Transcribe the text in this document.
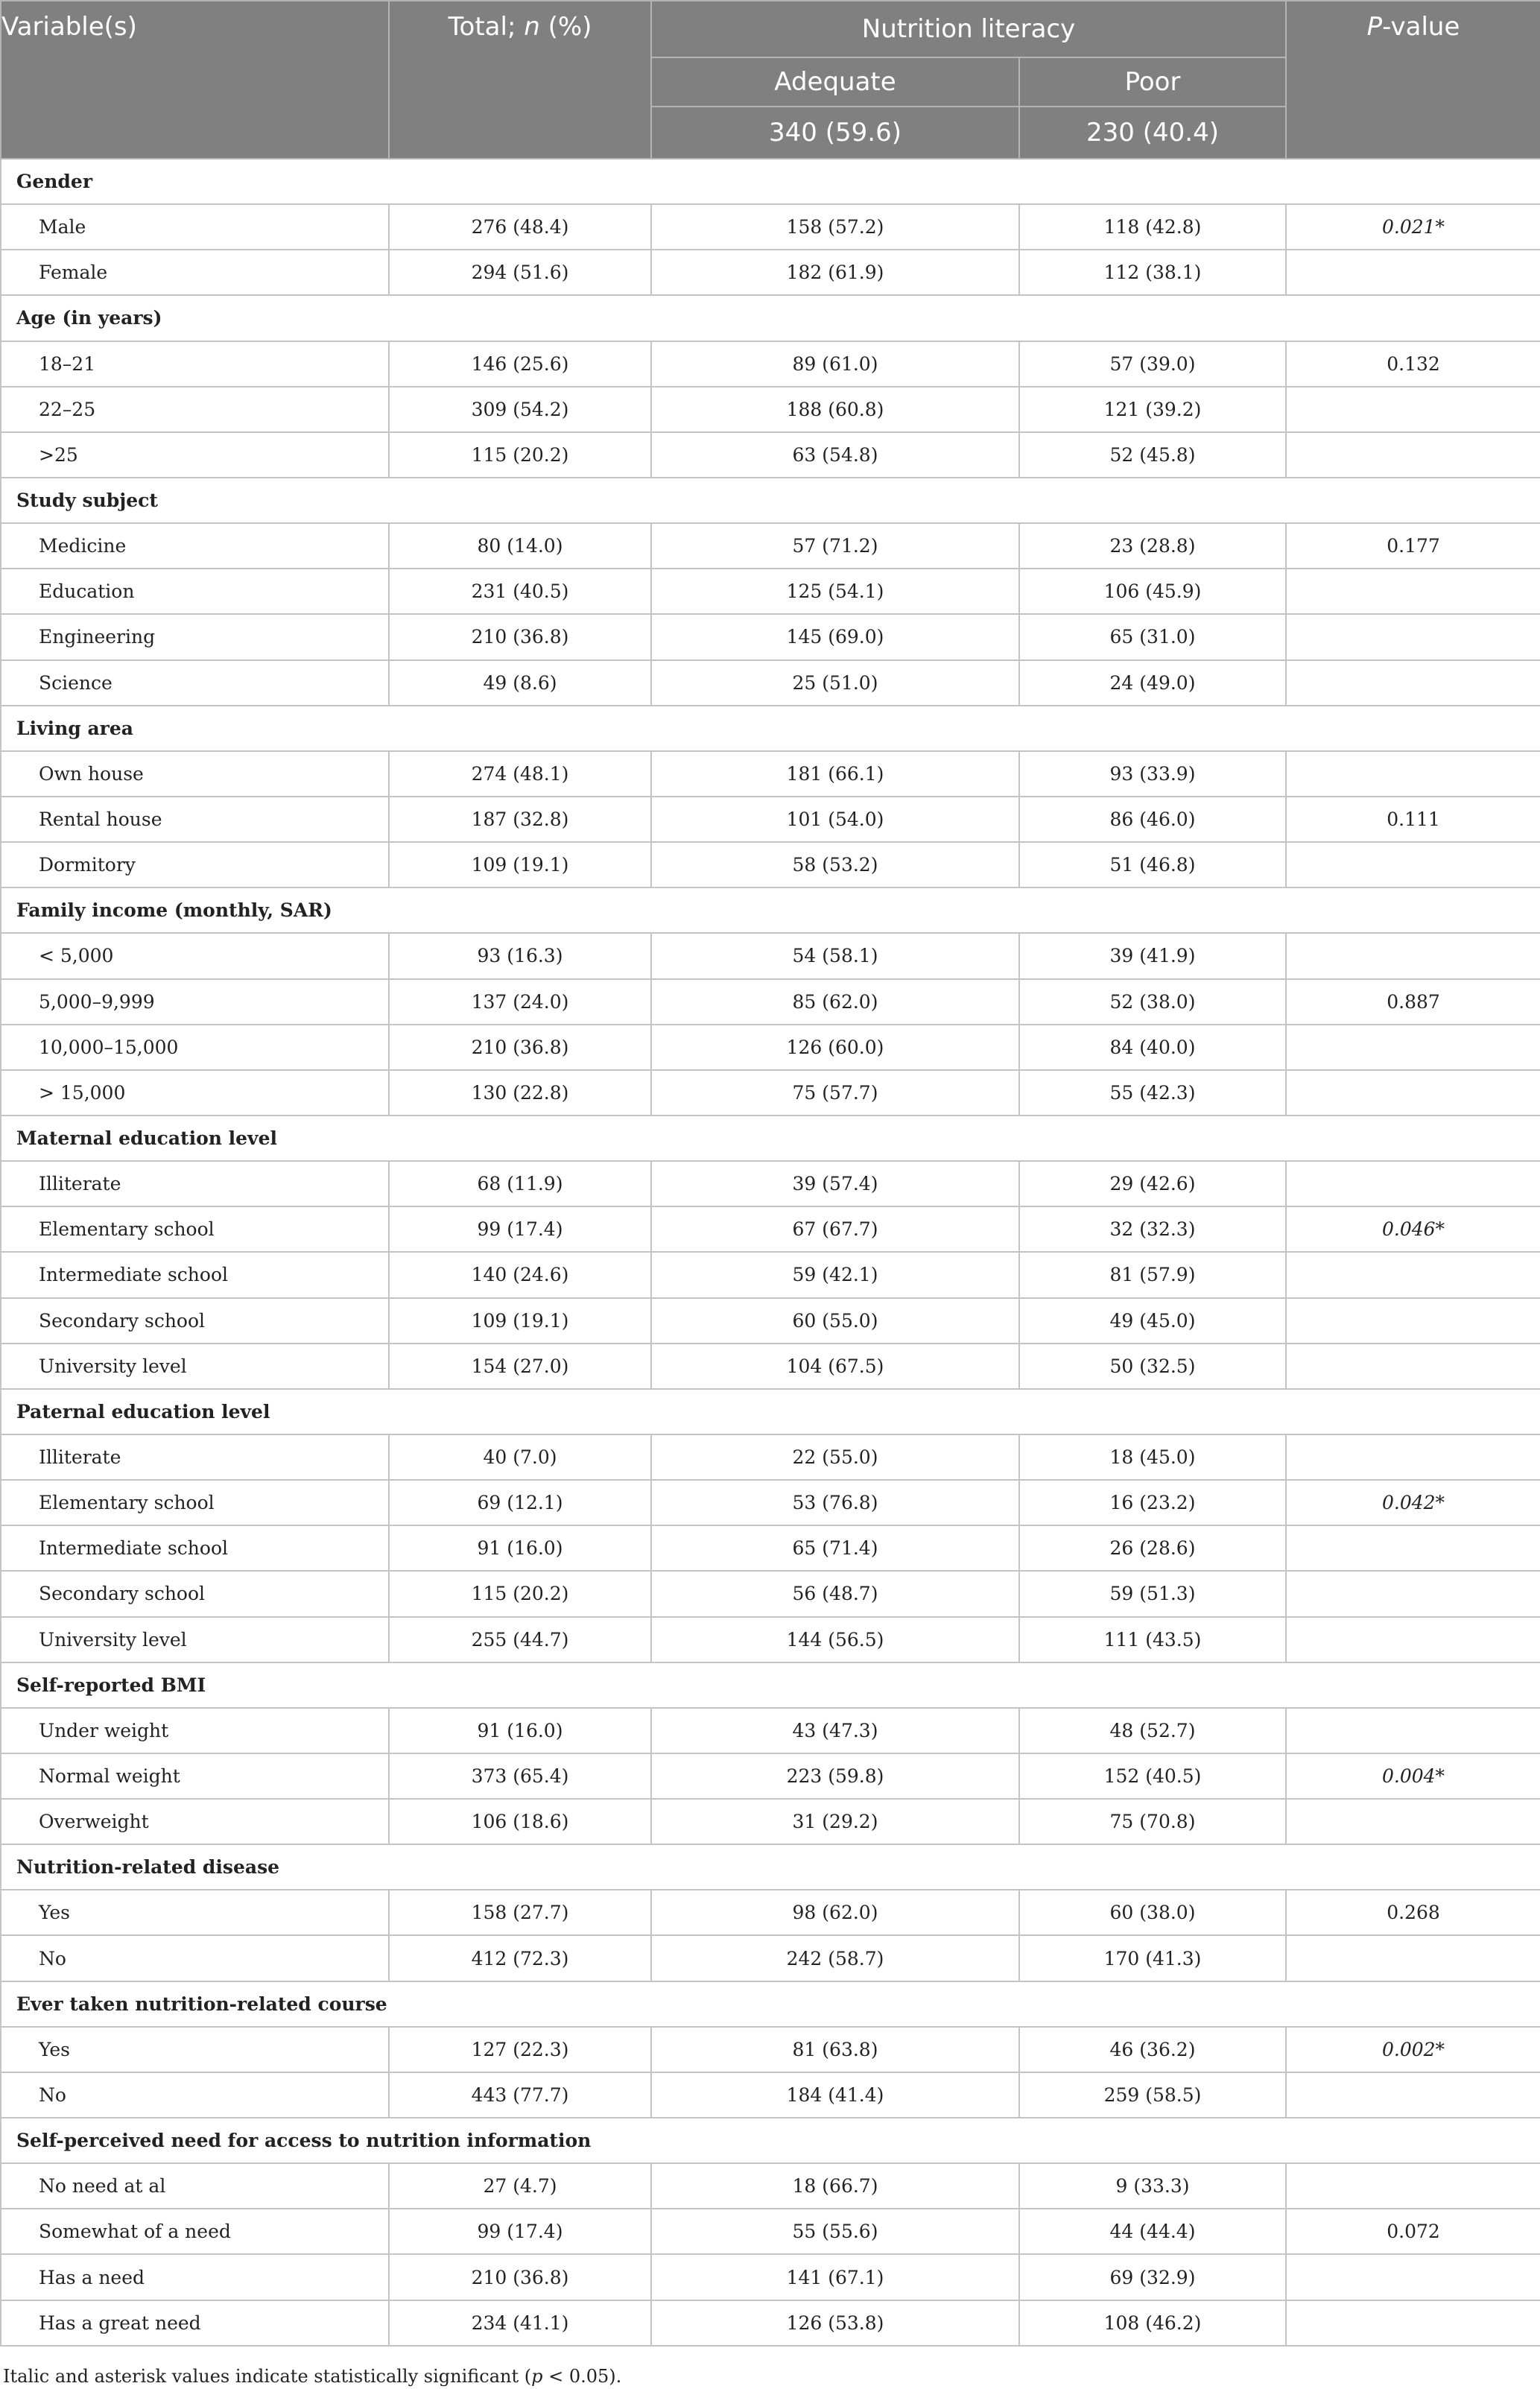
Variable(s)	Total; n (%)	Nutrition literacy		P-value
		Adequate	Poor	
		340 (59.6)	230 (40.4)	
Gender				
Male	276 (48.4)	158 (57.2)	118 (42.8)	0.021*
Female	294 (51.6)	182 (61.9)	112 (38.1)	
Age (in years)				
18–21	146 (25.6)	89 (61.0)	57 (39.0)	0.132
22–25	309 (54.2)	188 (60.8)	121 (39.2)	
>25	115 (20.2)	63 (54.8)	52 (45.8)	
Study subject				
Medicine	80 (14.0)	57 (71.2)	23 (28.8)	0.177
Education	231 (40.5)	125 (54.1)	106 (45.9)	
Engineering	210 (36.8)	145 (69.0)	65 (31.0)	
Science	49 (8.6)	25 (51.0)	24 (49.0)	
Living area				
Own house	274 (48.1)	181 (66.1)	93 (33.9)	
Rental house	187 (32.8)	101 (54.0)	86 (46.0)	0.111
Dormitory	109 (19.1)	58 (53.2)	51 (46.8)	
Family income (monthly, SAR)				
< 5,000	93 (16.3)	54 (58.1)	39 (41.9)	
5,000–9,999	137 (24.0)	85 (62.0)	52 (38.0)	0.887
10,000–15,000	210 (36.8)	126 (60.0)	84 (40.0)	
> 15,000	130 (22.8)	75 (57.7)	55 (42.3)	
Maternal education level				
Illiterate	68 (11.9)	39 (57.4)	29 (42.6)	
Elementary school	99 (17.4)	67 (67.7)	32 (32.3)	0.046*
Intermediate school	140 (24.6)	59 (42.1)	81 (57.9)	
Secondary school	109 (19.1)	60 (55.0)	49 (45.0)	
University level	154 (27.0)	104 (67.5)	50 (32.5)	
Paternal education level				
Illiterate	40 (7.0)	22 (55.0)	18 (45.0)	
Elementary school	69 (12.1)	53 (76.8)	16 (23.2)	0.042*
Intermediate school	91 (16.0)	65 (71.4)	26 (28.6)	
Secondary school	115 (20.2)	56 (48.7)	59 (51.3)	
University level	255 (44.7)	144 (56.5)	111 (43.5)	
Self-reported BMI				
Under weight	91 (16.0)	43 (47.3)	48 (52.7)	
Normal weight	373 (65.4)	223 (59.8)	152 (40.5)	0.004*
Overweight	106 (18.6)	31 (29.2)	75 (70.8)	
Nutrition-related disease				
Yes	158 (27.7)	98 (62.0)	60 (38.0)	0.268
No	412 (72.3)	242 (58.7)	170 (41.3)	
Ever taken nutrition-related course				
Yes	127 (22.3)	81 (63.8)	46 (36.2)	0.002*
No	443 (77.7)	184 (41.4)	259 (58.5)	
Self-perceived need for access to nutrition information				
No need at al	27 (4.7)	18 (66.7)	9 (33.3)	
Somewhat of a need	99 (17.4)	55 (55.6)	44 (44.4)	0.072
Has a need	210 (36.8)	141 (67.1)	69 (32.9)	
Has a great need	234 (41.1)	126 (53.8)	108 (46.2)	
Italic and asterisk values indicate statistically significant (p < 0.05).
